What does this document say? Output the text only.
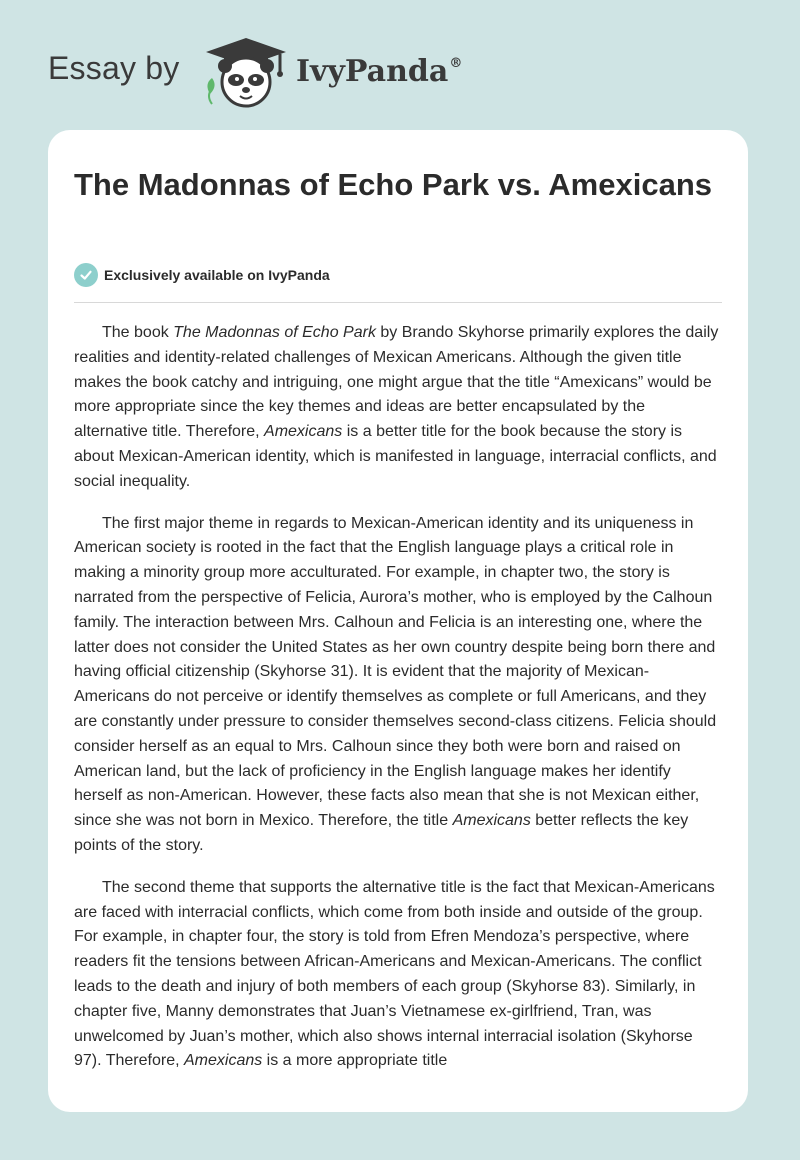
Essay by	IvyPanda®
The Madonnas of Echo Park vs. Amexicans
Exclusively available on IvyPanda

The book The Madonnas of Echo Park by Brando Skyhorse primarily explores the daily realities and identity-related challenges of Mexican Americans. Although the given title makes the book catchy and intriguing, one might argue that the title “Amexicans” would be more appropriate since the key themes and ideas are better encapsulated by the alternative title. Therefore, Amexicans is a better title for the book because the story is about Mexican-American identity, which is manifested in language, interracial conflicts, and social inequality.

The first major theme in regards to Mexican-American identity and its uniqueness in American society is rooted in the fact that the English language plays a critical role in making a minority group more acculturated. For example, in chapter two, the story is narrated from the perspective of Felicia, Aurora’s mother, who is employed by the Calhoun family. The interaction between Mrs. Calhoun and Felicia is an interesting one, where the latter does not consider the United States as her own country despite being born there and having official citizenship (Skyhorse 31). It is evident that the majority of Mexican-Americans do not perceive or identify themselves as complete or full Americans, and they are constantly under pressure to consider themselves second-class citizens. Felicia should consider herself as an equal to Mrs. Calhoun since they both were born and raised on American land, but the lack of proficiency in the English language makes her identify herself as non-American. However, these facts also mean that she is not Mexican either, since she was not born in Mexico. Therefore, the title Amexicans better reflects the key points of the story.

The second theme that supports the alternative title is the fact that Mexican-Americans are faced with interracial conflicts, which come from both inside and outside of the group. For example, in chapter four, the story is told from Efren Mendoza’s perspective, where readers fit the tensions between African-Americans and Mexican-Americans. The conflict leads to the death and injury of both members of each group (Skyhorse 83). Similarly, in chapter five, Manny demonstrates that Juan’s Vietnamese ex-girlfriend, Tran, was unwelcomed by Juan’s mother, which also shows internal interracial isolation (Skyhorse 97). Therefore, Amexicans is a more appropriate title
